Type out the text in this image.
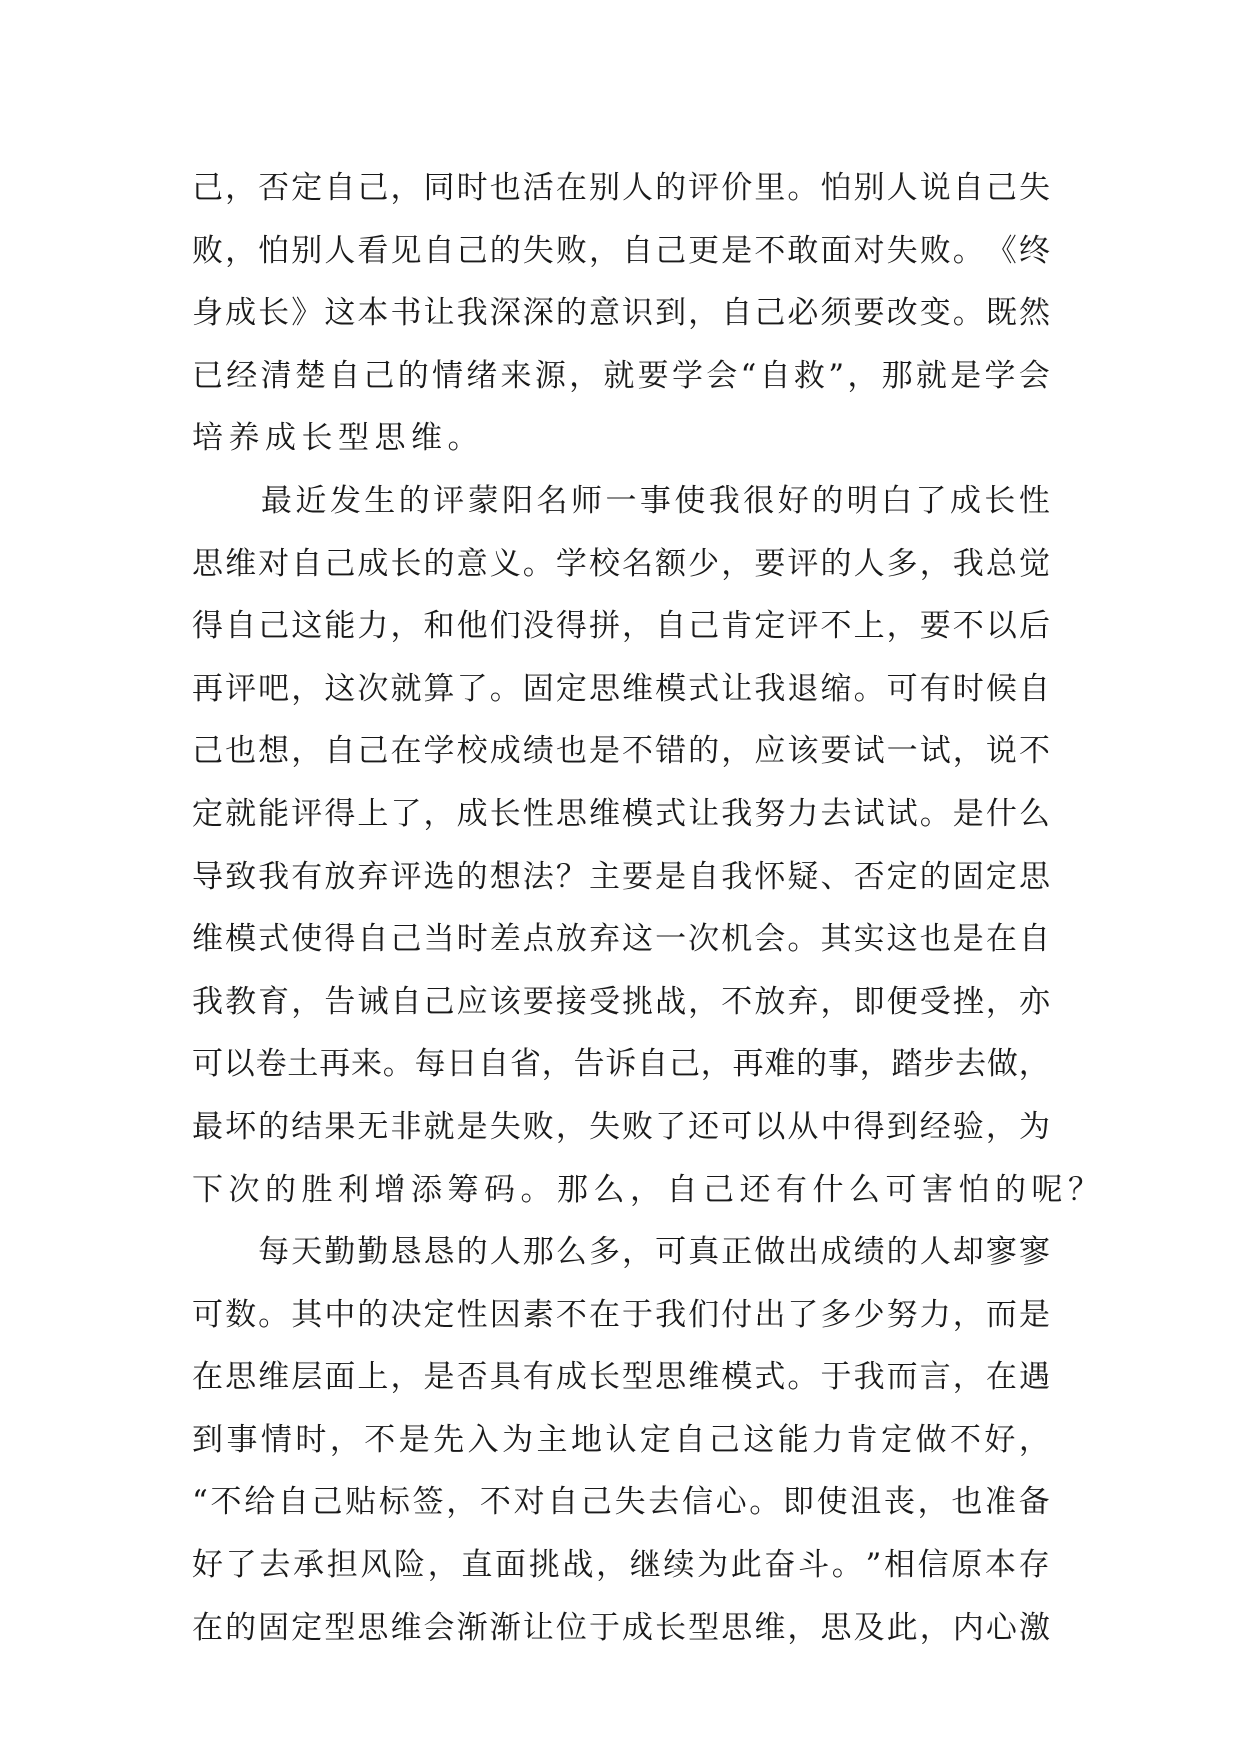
己 ， 否 定 自 己 ， 同 时 也 活 在 别 人 的 评 价 里 。 怕 别 人 说 自 己 失
败 ， 怕 别 人 看 见 自 己 的 失 败 ， 自 己 更 是 不 敢 面 对 失 败 。 《 终
身 成 长 》 这 本 书 让 我 深 深 的 意 识 到 ， 自 己 必 须 要 改 变 。 既 然
已 经 清 楚 自 己 的 情 绪 来 源 ， 就 要 学 会 “ 自 救 ” ， 那 就 是 学 会
培养成长型思维。

最 近 发 生 的 评 蒙 阳 名 师 一 事 使 我 很 好 的 明 白 了 成 长 性
思 维 对 自 己 成 长 的 意 义 。 学 校 名 额 少 ， 要 评 的 人 多 ， 我 总 觉
得 自 己 这 能 力 ， 和 他 们 没 得 拼 ， 自 己 肯 定 评 不 上 ， 要 不 以 后
再 评 吧 ， 这 次 就 算 了 。 固 定 思 维 模 式 让 我 退 缩 。 可 有 时 候 自
己 也 想 ， 自 己 在 学 校 成 绩 也 是 不 错 的 ， 应 该 要 试 一 试 ， 说 不
定 就 能 评 得 上 了 ， 成 长 性 思 维 模 式 让 我 努 力 去 试 试 。 是 什 么
导 致 我 有 放 弃 评 选 的 想 法 ？ 主 要 是 自 我 怀 疑 、 否 定 的 固 定 思
维 模 式 使 得 自 己 当 时 差 点 放 弃 这 一 次 机 会 。 其 实 这 也 是 在 自
我 教 育 ， 告 诫 自 己 应 该 要 接 受 挑 战 ， 不 放 弃 ， 即 便 受 挫 ， 亦
可 以 卷 土 再 来 。 每 日 自 省 ， 告 诉 自 己 ， 再 难 的 事 ， 踏 步 去 做 ，
最 坏 的 结 果 无 非 就 是 失 败 ， 失 败 了 还 可 以 从 中 得 到 经 验 ， 为
下次的胜利增添筹码。那么，自己还有什么可害怕的呢？

每 天 勤 勤 恳 恳 的 人 那 么 多 ， 可 真 正 做 出 成 绩 的 人 却 寥 寥
可 数 。 其 中 的 决 定 性 因 素 不 在 于 我 们 付 出 了 多 少 努 力 ， 而 是
在 思 维 层 面 上 ， 是 否 具 有 成 长 型 思 维 模 式 。 于 我 而 言 ， 在 遇
到 事 情 时 ， 不 是 先 入 为 主 地 认 定 自 己 这 能 力 肯 定 做 不 好 ，
“ 不 给 自 己 贴 标 签 ， 不 对 自 己 失 去 信 心 。 即 使 沮 丧 ， 也 准 备
好 了 去 承 担 风 险 ， 直 面 挑 战 ， 继 续 为 此 奋 斗 。 ” 相 信 原 本 存
在 的 固 定 型 思 维 会 渐 渐 让 位 于 成 长 型 思 维 ， 思 及 此 ， 内 心 激
